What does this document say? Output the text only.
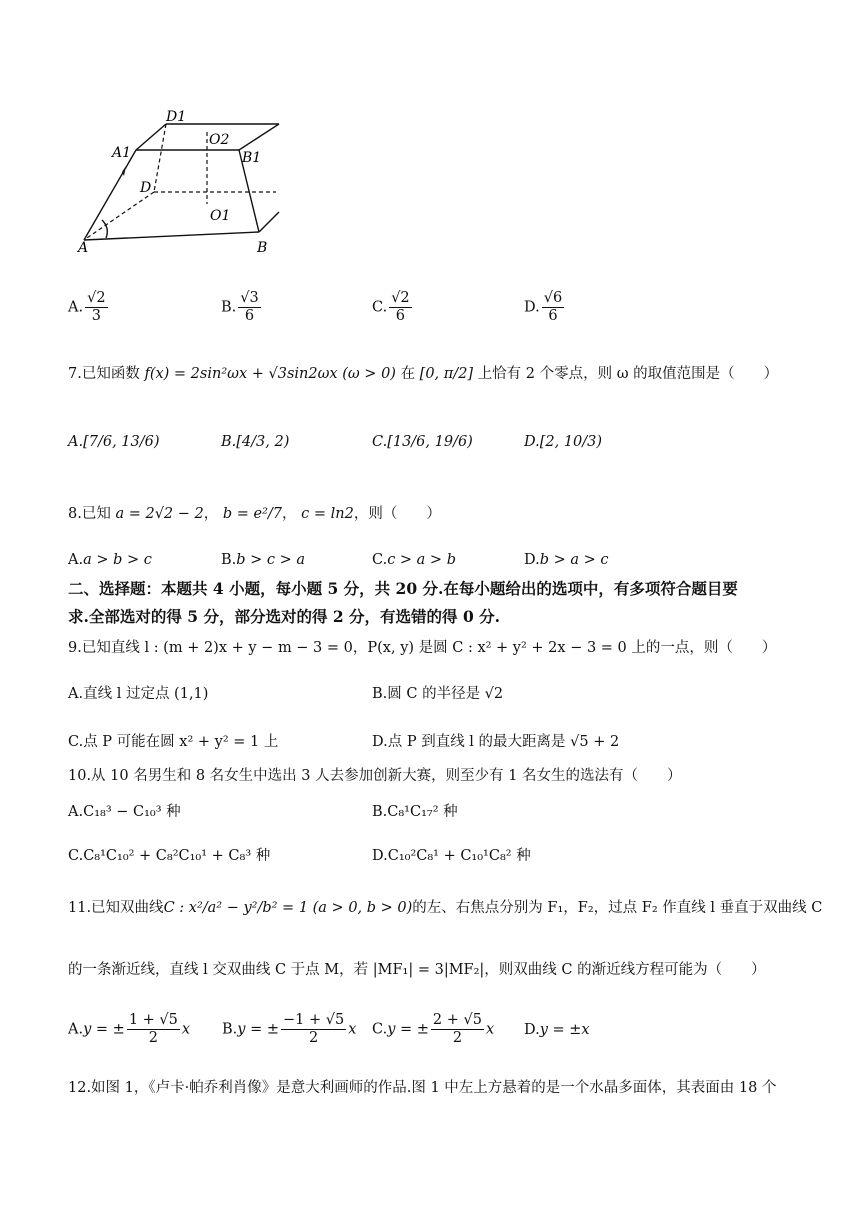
D1
O2
A1	B1
D
O1
A	B
A. $\frac{√2}{3}$	B. $\frac{√3}{6}$	C. $\frac{√2}{6}$	D. $\frac{√6}{6}$
7.已知函数 f(x) = 2sin²ωx + √3sin2ωx (ω > 0) 在 [0, π/2] 上恰有 2 个零点，则 ω 的取值范围是（　　）
A.[7/6, 13/6)	B.[4/3, 2)	C.[13/6, 19/6)	D.[2, 10/3)
8.已知 a = 2√2 − 2， b = e²/7， c = ln2，则（　　）
A.a > b > c	B.b > c > a	C.c > a > b	D.b > a > c
二、选择题：本题共 4 小题，每小题 5 分，共 20 分.在每小题给出的选项中，有多项符合题目要
求.全部选对的得 5 分，部分选对的得 2 分，有选错的得 0 分.
9.已知直线 l : (m + 2)x + y − m − 3 = 0，P(x, y) 是圆 C : x² + y² + 2x − 3 = 0 上的一点，则（　　）
A.直线 l 过定点 (1,1)	B.圆 C 的半径是 √2
C.点 P 可能在圆 x² + y² = 1 上	D.点 P 到直线 l 的最大距离是 √5 + 2
10.从 10 名男生和 8 名女生中选出 3 人去参加创新大赛，则至少有 1 名女生的选法有（　　）
A.C₁₈³ − C₁₀³ 种	B.C₈¹C₁₇² 种
C.C₈¹C₁₀² + C₈²C₁₀¹ + C₈³ 种	D.C₁₀²C₈¹ + C₁₀¹C₈² 种
11.已知双曲线C : x²/a² − y²/b² = 1 (a > 0, b > 0)的左、右焦点分别为 F₁，F₂，过点 F₂ 作直线 l 垂直于双曲线 C
的一条渐近线，直线 l 交双曲线 C 于点 M，若 |MF₁| = 3|MF₂|，则双曲线 C 的渐近线方程可能为（　　）
A.y = ± $\frac{1 + √5}{2}$ x B.y = ± $\frac{-1 + √5}{2}$ x C.y = ± $\frac{2 + √5}{2}$ x D.y = ±x
12.如图 1，《卢卡·帕乔利肖像》是意大利画师的作品.图 1 中左上方悬着的是一个水晶多面体，其表面由 18 个
